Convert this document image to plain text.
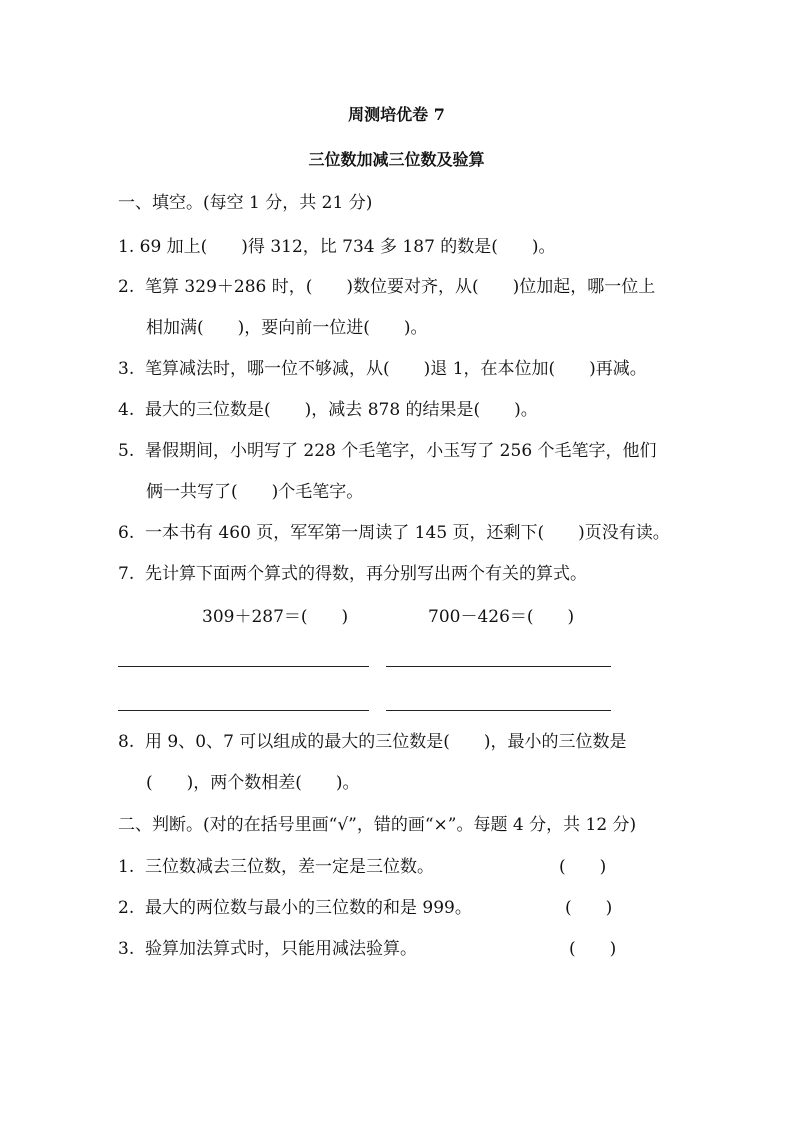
周测培优卷 7
三位数加减三位数及验算
一、填空。(每空 1 分，共 21 分)
1. 69 加上(　　)得 312，比 734 多 187 的数是(　　)。
2.  笔算 329＋286 时，(　　)数位要对齐，从(　　)位加起，哪一位上
相加满(　　)，要向前一位进(　　)。
3.  笔算减法时，哪一位不够减，从(　　)退 1，在本位加(　　)再减。
4.  最大的三位数是(　　)，减去 878 的结果是(　　)。
5.  暑假期间，小明写了 228 个毛笔字，小玉写了 256 个毛笔字，他们
俩一共写了(　　)个毛笔字。
6.  一本书有 460 页，军军第一周读了 145 页，还剩下(　　)页没有读。
7.  先计算下面两个算式的得数，再分别写出两个有关的算式。
309＋287＝(　　)	700－426＝(　　)
8.  用 9、0、7 可以组成的最大的三位数是(　　)，最小的三位数是
(　　)，两个数相差(　　)。
二、判断。(对的在括号里画“√”，错的画“×”。每题 4 分，共 12 分)
1.  三位数减去三位数，差一定是三位数。	(　　)
2.  最大的两位数与最小的三位数的和是 999。	(　　)
3.  验算加法算式时，只能用减法验算。	(　　)
